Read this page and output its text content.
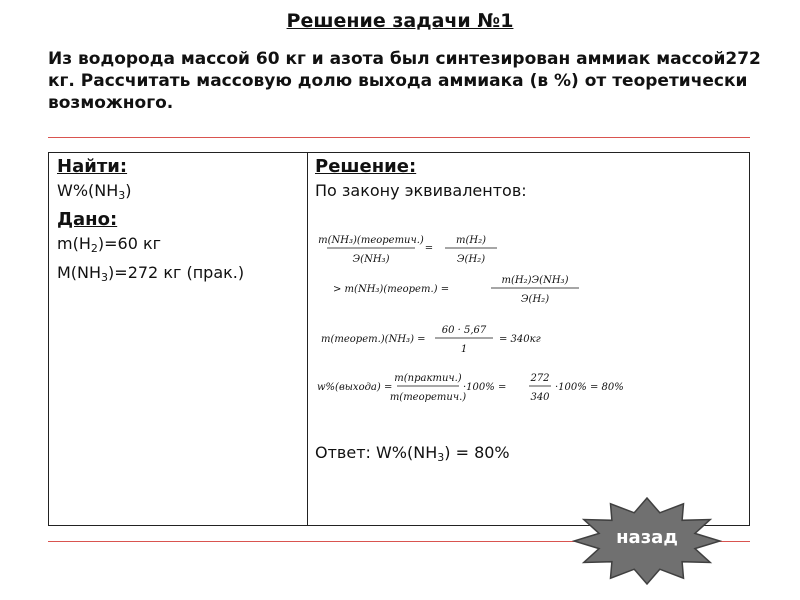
Решение задачи №1
Из водорода массой 60 кг и азота был синтезирован аммиак массой272 кг. Рассчитать массовую долю выхода аммиака (в %) от теоретически возможного.
Найти:
$W\%(NH_3)$
Дано:
$m(H_2)=60$ кг
$M(NH_3)=272$ кг (прак.)
Решение:
По закону эквивалентов:
m(NH₃)(теоретич.)
Э(NH₃)
=
m(H₂)
Э(H₂)
> m(NH₃)(теорет.) =
m(H₂)Э(NH₃)
Э(H₂)
m(теорет.)(NH₃) =
60 · 5,67
1
= 340кг
w%(выхода) =
m(практич.)
m(теоретич.)
·100% =
272
340
·100% = 80%
Ответ: $W\%(NH_3) = 80\%$
назад
